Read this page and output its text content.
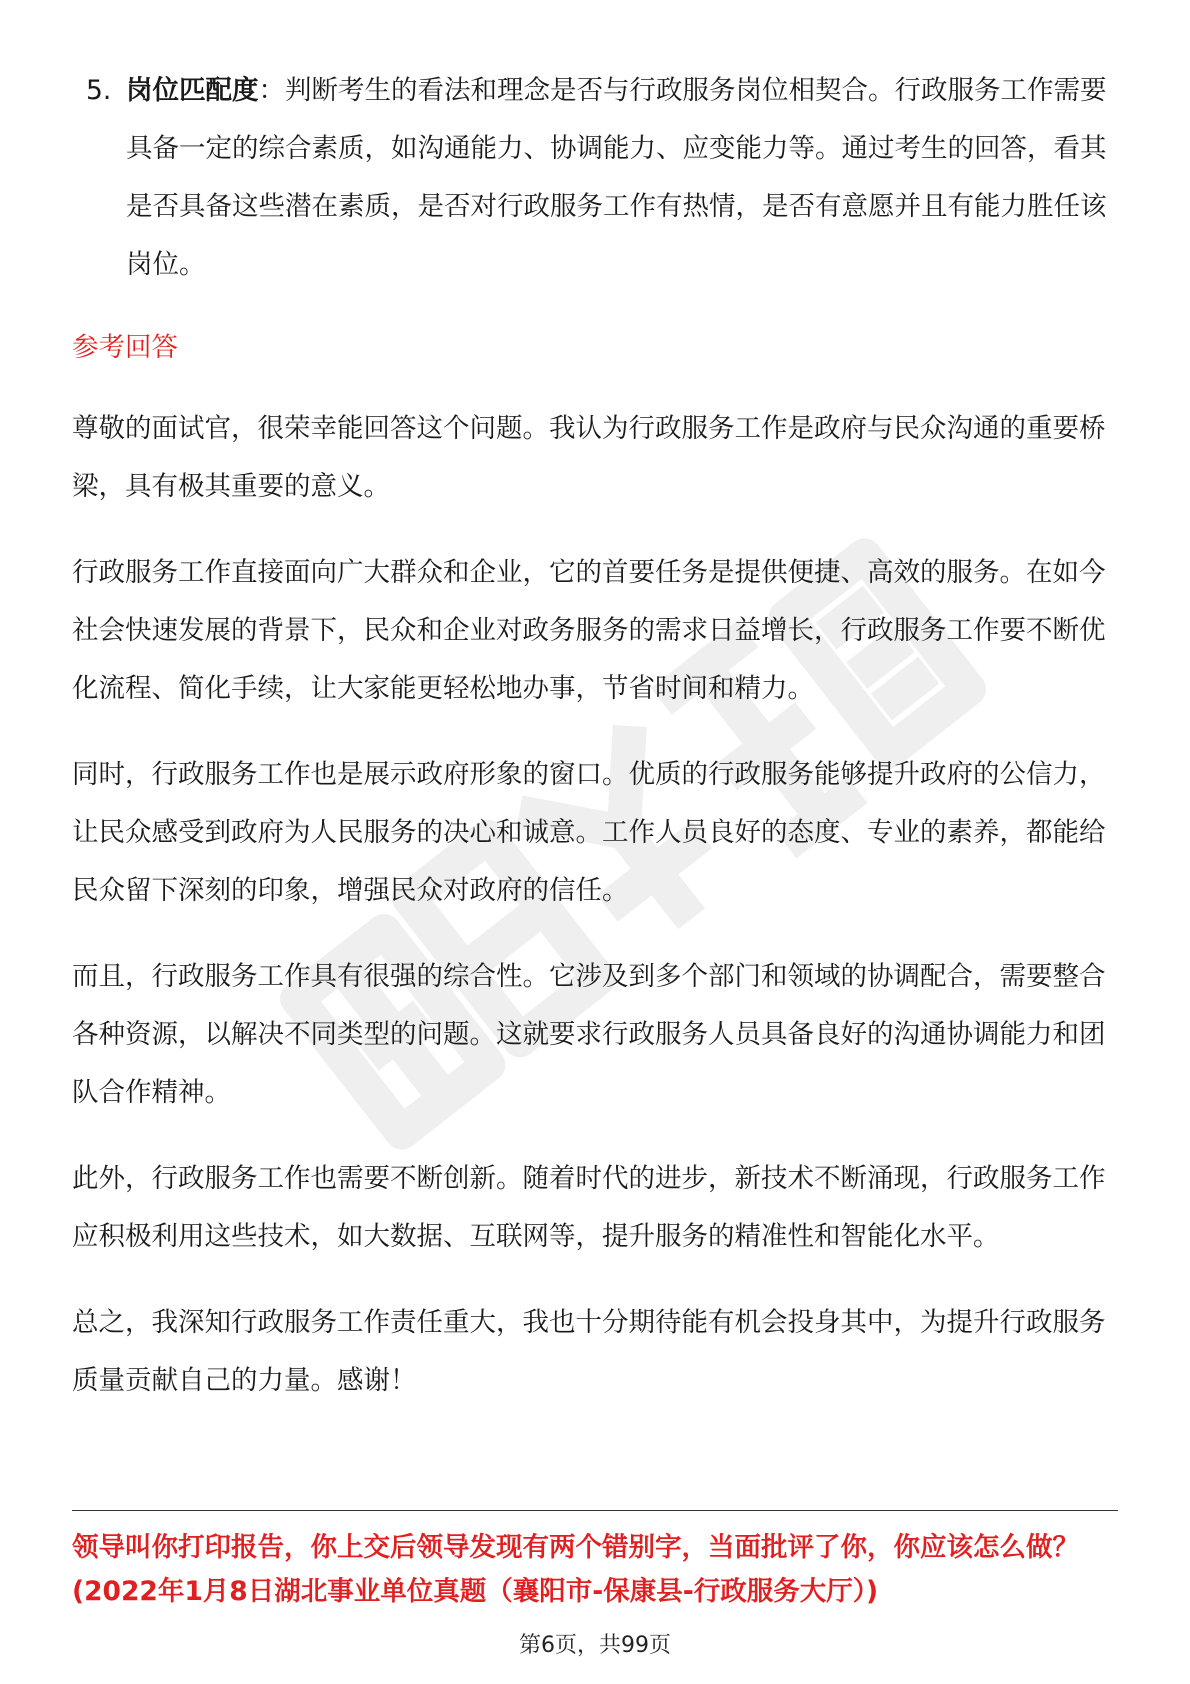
5. 岗位匹配度：判断考生的看法和理念是否与行政服务岗位相契合。行政服务工作需要具备一定的综合素质，如沟通能力、协调能力、应变能力等。通过考生的回答，看其是否具备这些潜在素质，是否对行政服务工作有热情，是否有意愿并且有能力胜任该岗位。
参考回答

尊敬的面试官，很荣幸能回答这个问题。我认为行政服务工作是政府与民众沟通的重要桥梁，具有极其重要的意义。

行政服务工作直接面向广大群众和企业，它的首要任务是提供便捷、高效的服务。在如今社会快速发展的背景下，民众和企业对政务服务的需求日益增长，行政服务工作要不断优化流程、简化手续，让大家能更轻松地办事，节省时间和精力。

同时，行政服务工作也是展示政府形象的窗口。优质的行政服务能够提升政府的公信力，让民众感受到政府为人民服务的决心和诚意。工作人员良好的态度、专业的素养，都能给民众留下深刻的印象，增强民众对政府的信任。

而且，行政服务工作具有很强的综合性。它涉及到多个部门和领域的协调配合，需要整合各种资源，以解决不同类型的问题。这就要求行政服务人员具备良好的沟通协调能力和团队合作精神。

此外，行政服务工作也需要不断创新。随着时代的进步，新技术不断涌现，行政服务工作应积极利用这些技术，如大数据、互联网等，提升服务的精准性和智能化水平。

总之，我深知行政服务工作责任重大，我也十分期待能有机会投身其中，为提升行政服务质量贡献自己的力量。感谢！

领导叫你打印报告，你上交后领导发现有两个错别字，当面批评了你，你应该怎么做？(2022年1月8日湖北事业单位真题（襄阳市-保康县-行政服务大厅）)
第6页，共99页
